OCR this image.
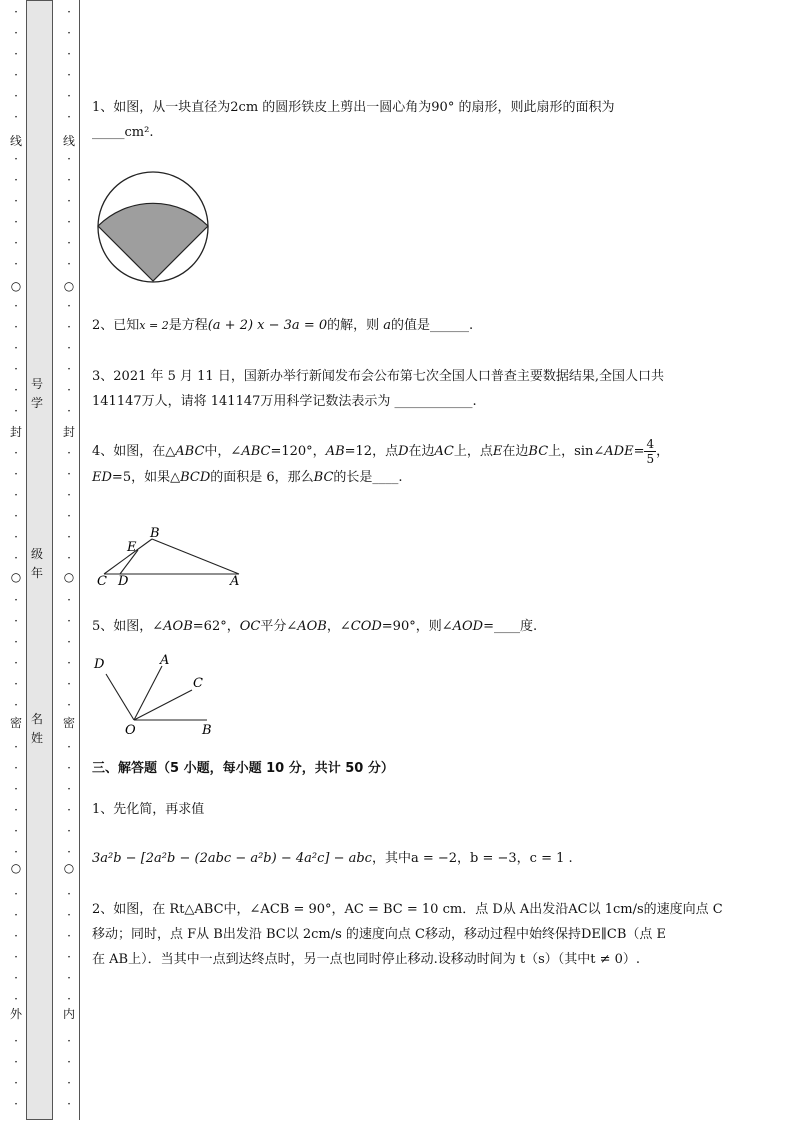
·
·
·
·
·
·
·
·
·
·
·
·
·
·
·
·
·
·
·
·
·
·
·
·
·
·
·
·
·
·
·
·
·
·
·
·
·
·
·
·
·
·
·
·
·
·
·
·
·
·
·
·
·
·
·
·
·
·
·
·
·
·
·
·
·
·
·
·
·
·
·
·
·
·
·
·
·
·
·
·
·
·
·
·
·
·
·
·
·
·
·
·
线
○
封
○
密
○
外
线
○
封
○
密
○
内
号学
级年
名姓
1、如图，从一块直径为2cm 的圆形铁皮上剪出一圆心角为90° 的扇形，则此扇形的面积为
_____cm².
2、已知x = 2是方程(a + 2) x − 3a = 0的解，则 a的值是______.
3、2021 年 5 月 11 日，国新办举行新闻发布会公布第七次全国人口普查主要数据结果,全国人口共
141147万人，请将 141147万用科学记数法表示为 ____________.
4、如图，在△ABC中，∠ABC=120°，AB=12，点D在边AC上，点E在边BC上，sin∠ADE= $\frac{4}{5}$ ，
ED=5，如果△BCD的面积是 6，那么BC的长是____.
B
E
C D	A
5、如图，∠AOB=62°，OC平分∠AOB，∠COD=90°，则∠AOD=____度.
D	A
C
O	B
三、解答题（5 小题，每小题 10 分，共计 50 分）
1、先化简，再求值
3a²b − [2a²b − (2abc − a²b) − 4a²c] − abc，其中a = −2，b = −3，c = 1 .
2、如图，在 Rt△ABC中，∠ACB = 90°，AC = BC = 10 cm．点 D从 A出发沿AC以 1cm/s的速度向点 C
移动；同时，点 F从 B出发沿 BC以 2cm/s 的速度向点 C移动，移动过程中始终保持DE∥CB（点 E
在 AB上）．当其中一点到达终点时，另一点也同时停止移动.设移动时间为 t（s）（其中t ≠ 0）.
